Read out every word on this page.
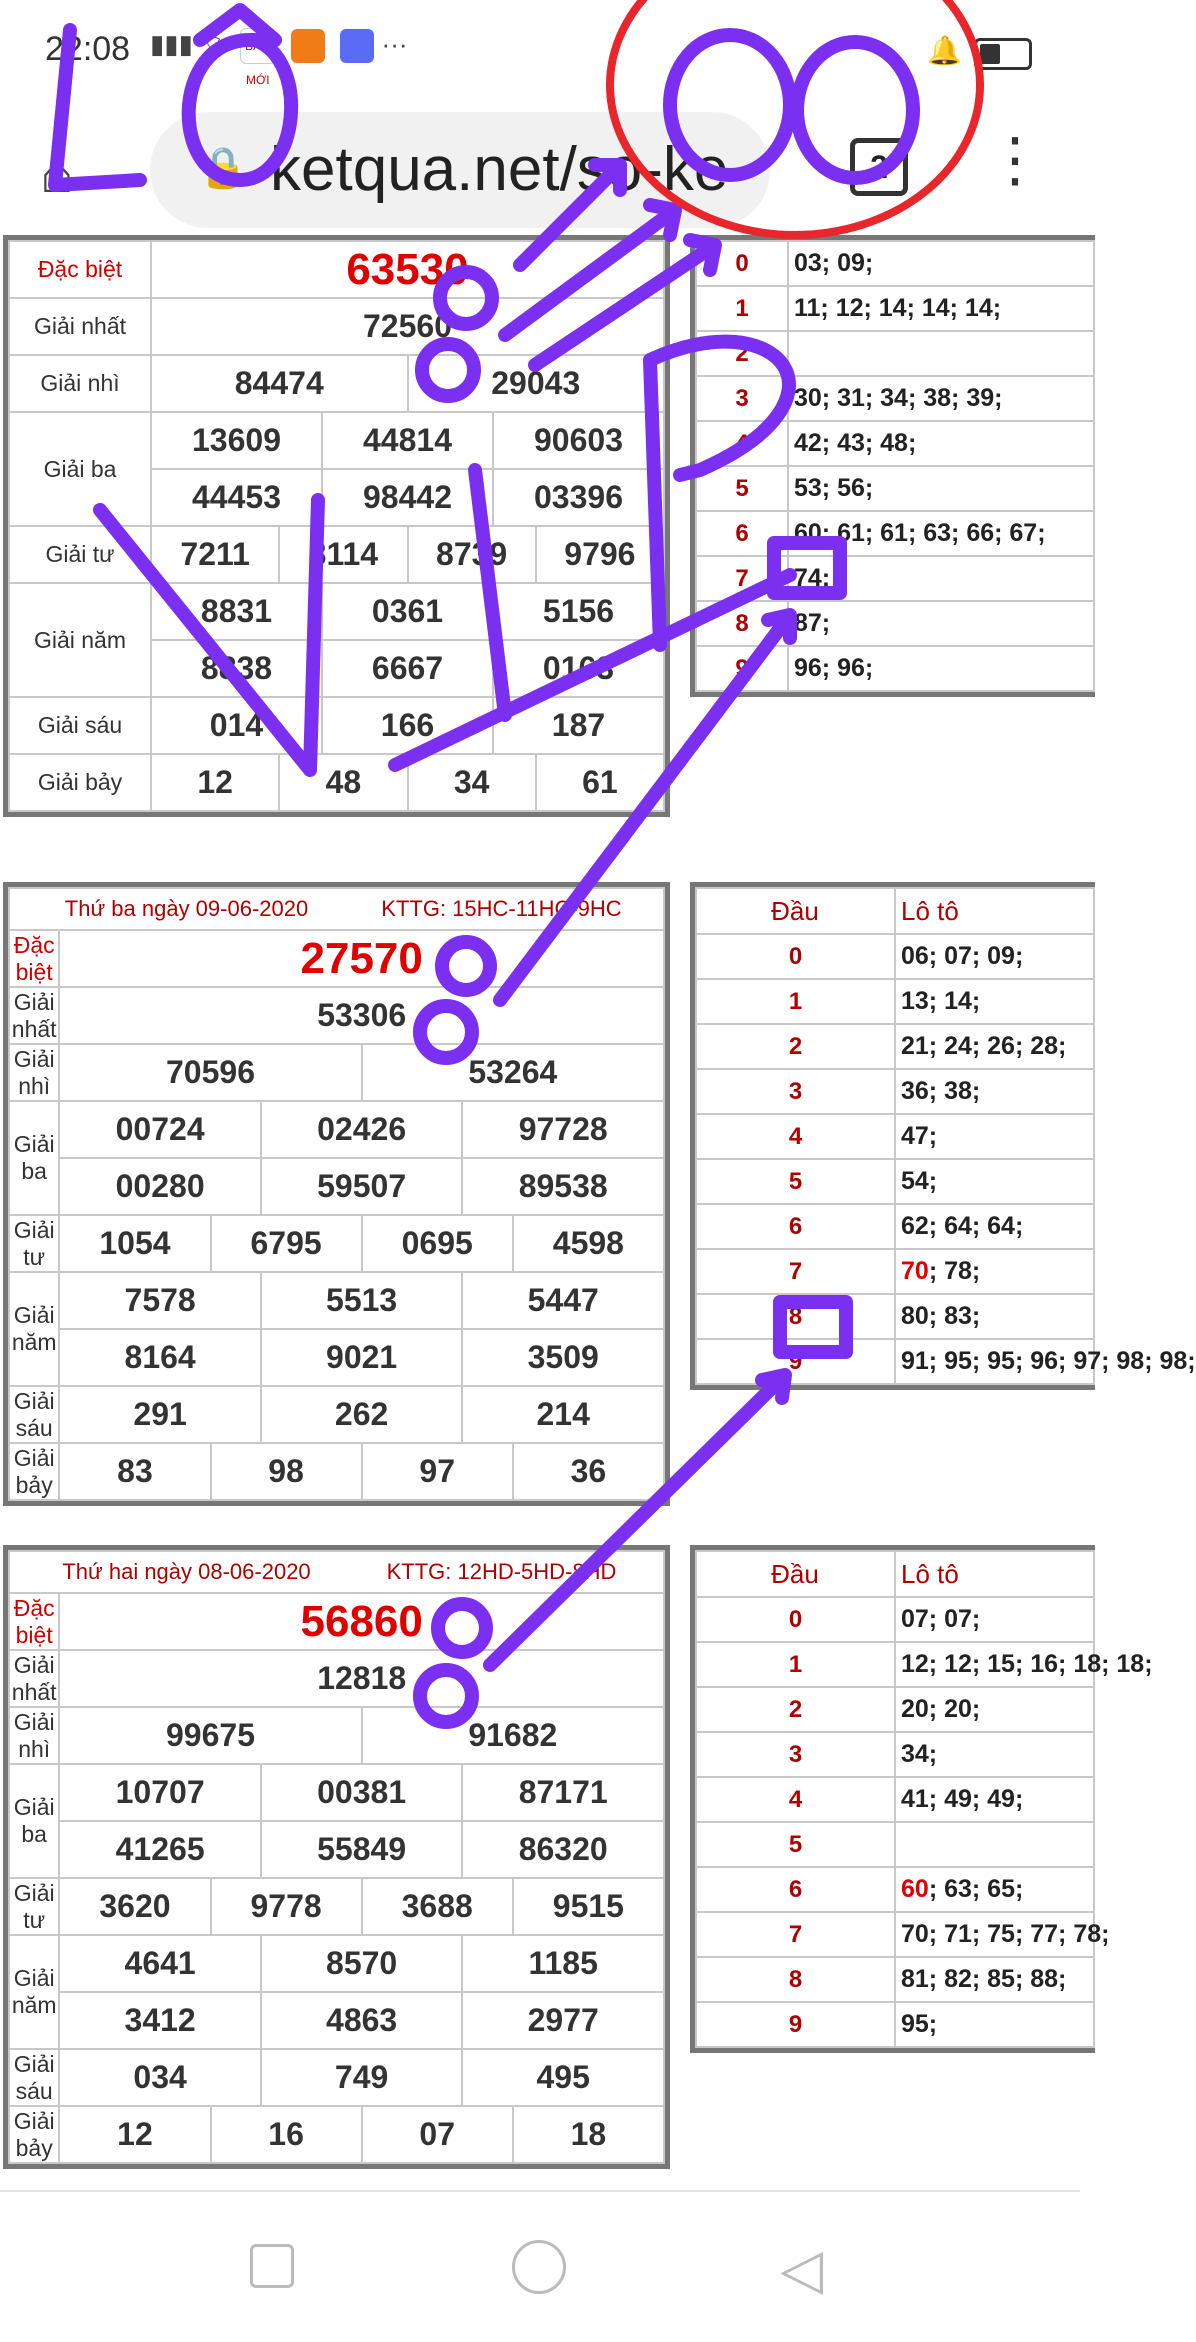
22:08 ▮▮▮ ⌔ BÁO MỚI   ···	🔔
⌂	🔒 ketqua.net/so-ke	2	⋮
Đặc biệt	63530					
Giải nhất	72560					
Giải nhì	84474			29043		
Giải ba	13609		44814		90603	
	44453		98442		03396	
Giải tư	7211	8114		8739		9796
Giải năm	8831		0361		5156	
	8838		6667		0163	
Giải sáu	014		166		187	
Giải bảy	12	48		34		61
0	03; 09;
1	11; 12; 14; 14; 14;
2	
3	30; 31; 34; 38; 39;
4	42; 43; 48;
5	53; 56;
6	60; 61; 61; 63; 66; 67;
7	74;
8	87;
9	96; 96;
Thứ ba ngày 09-06-2020 KTTG: 15HC-11HC-9HC						
Đặc biệt	27570					
Giải nhất	53306					
Giải nhì	70596			53264		
Giải ba	00724		02426		97728	
	00280		59507		89538	
Giải tư	1054	6795		0695		4598
Giải năm	7578		5513		5447	
	8164		9021		3509	
Giải sáu	291		262		214	
Giải bảy	83	98		97		36
Đầu	Lô tô
0	06; 07; 09;
1	13; 14;
2	21; 24; 26; 28;
3	36; 38;
4	47;
5	54;
6	62; 64; 64;
7	70; 78;
8	80; 83;
9	91; 95; 95; 96; 97; 98; 98;
Thứ hai ngày 08-06-2020 KTTG: 12HD-5HD-8HD						
Đặc biệt	56860					
Giải nhất	12818					
Giải nhì	99675			91682		
Giải ba	10707		00381		87171	
	41265		55849		86320	
Giải tư	3620	9778		3688		9515
Giải năm	4641		8570		1185	
	3412		4863		2977	
Giải sáu	034		749		495	
Giải bảy	12	16		07		18
Đầu	Lô tô
0	07; 07;
1	12; 12; 15; 16; 18; 18;
2	20; 20;
3	34;
4	41; 49; 49;
5	
6	60; 63; 65;
7	70; 71; 75; 77; 78;
8	81; 82; 85; 88;
9	95;
◁
